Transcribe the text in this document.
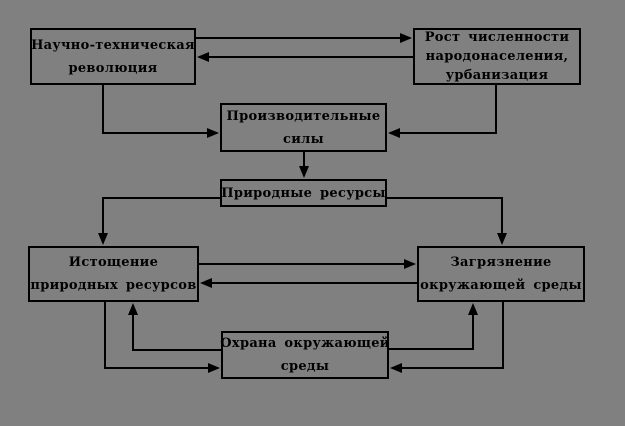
Научно-техническая
революция
Рост численности
народонаселения,
урбанизация
Производительные
силы
Природные ресурсы
Истощение
природных ресурсов
Загрязнение
окружающей среды
Охрана окружающей
среды
